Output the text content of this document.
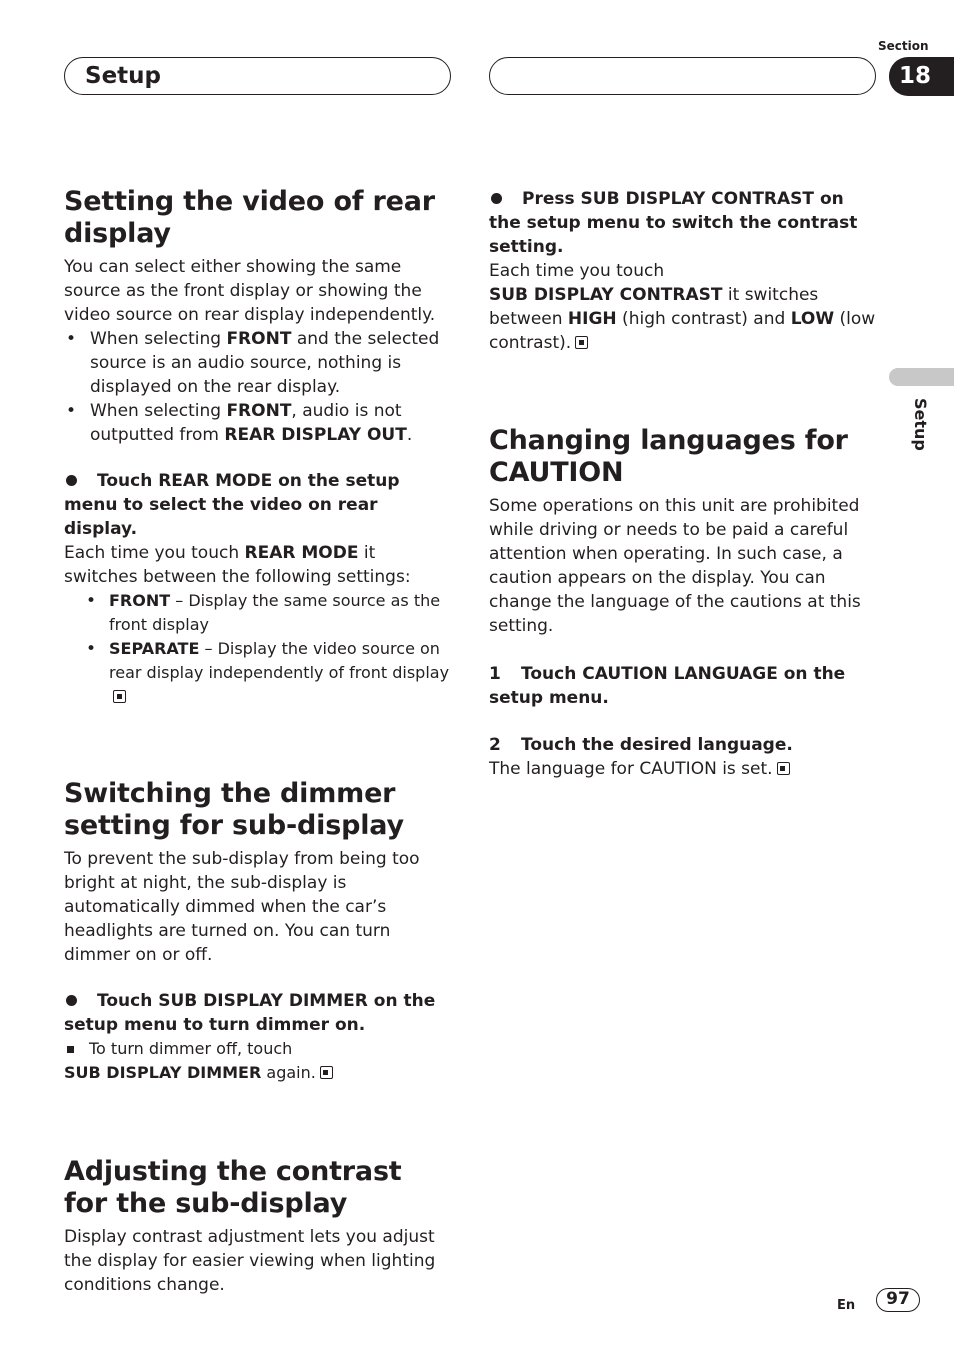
Setup
Section
18
Setup
Setting the video of rear display

You can select either showing the same source as the front display or showing the video source on rear display independently.

• When selecting FRONT and the selected source is an audio source, nothing is displayed on the rear display.
• When selecting FRONT, audio is not outputted from REAR DISPLAY OUT.

Touch REAR MODE on the setup menu to select the video on rear display.

Each time you touch REAR MODE it switches between the following settings:

• FRONT – Display the same source as the front display
• SEPARATE – Display the video source on rear display independently of front display
Switching the dimmer setting for sub-display

To prevent the sub-display from being too bright at night, the sub-display is automatically dimmed when the car’s headlights are turned on. You can turn dimmer on or off.

Touch SUB DISPLAY DIMMER on the setup menu to turn dimmer on.

To turn dimmer off, touch

SUB DISPLAY DIMMER again.

Adjusting the contrast for the sub-display

Display contrast adjustment lets you adjust the display for easier viewing when lighting conditions change.

Press SUB DISPLAY CONTRAST on the setup menu to switch the contrast setting.

Each time you touch

SUB DISPLAY CONTRAST it switches between HIGH (high contrast) and LOW (low contrast).

Changing languages for CAUTION

Some operations on this unit are prohibited while driving or needs to be paid a careful attention when operating. In such case, a caution appears on the display. You can change the language of the cautions at this setting.

1 Touch CAUTION LANGUAGE on the setup menu.

2 Touch the desired language.

The language for CAUTION is set.

En	97
